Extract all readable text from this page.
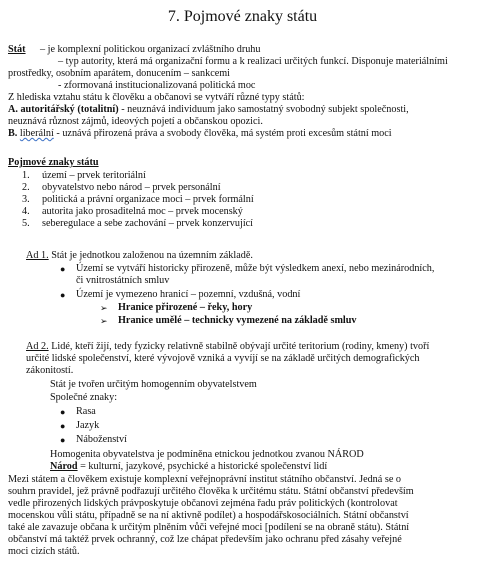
7. Pojmové znaky státu
Stát – je komplexní politickou organizací zvláštního druhu
– typ autority, která má organizační formu a k realizaci určitých funkcí. Disponuje materiálními
prostředky, osobním aparátem, donucením – sankcemi
- zformovaná institucionalizovaná politická moc
Z hlediska vztahu státu k člověku a občanovi se vytváří různé typy států:
A. autoritářský (totalitní) - neuznává individuum jako samostatný svobodný subjekt společnosti,
neuznává různost zájmů, ideových pojetí a občanskou opozici.
B. liberální - uznává přirozená práva a svobody člověka, má systém proti excesům státní moci
Pojmové znaky státu
1. území – prvek teritoriální
2. obyvatelstvo nebo národ – prvek personální
3. politická a právní organizace moci – prvek formální
4. autorita jako prosaditelná moc – prvek mocenský
5. seberegulace a sebe zachování – prvek konzervující
Ad 1. Stát je jednotkou založenou na územním základě.
● Území se vytváří historicky přirozeně, může být výsledkem anexí, nebo mezinárodních,
či vnitrostátních smluv
● Území je vymezeno hranicí – pozemní, vzdušná, vodní
➢ Hranice přirozené – řeky, hory
➢ Hranice umělé – technicky vymezené na základě smluv
Ad 2. Lidé, kteří žijí, tedy fyzicky relativně stabilně obývají určité teritorium (rodiny, kmeny) tvoří
určité lidské společenství, které vývojově vzniká a vyvíjí se na základě určitých demografických
zákonitostí.
Stát je tvořen určitým homogenním obyvatelstvem
Společné znaky:
● Rasa
● Jazyk
● Náboženství
Homogenita obyvatelstva je podmíněna etnickou jednotkou zvanou NÁROD
Národ = kulturní, jazykové, psychické a historické společenství lidí
Mezi státem a člověkem existuje komplexní veřejnoprávní institut státního občanství. Jedná se o
souhrn pravidel, jež právně podřazují určitého člověka k určitému státu. Státní občanství především
vedle přirozených lidských právposkytuje občanovi zejména řadu práv politických (kontrolovat
mocenskou vůli státu, případně se na ní aktivně podílet) a hospodářskosociálních. Státní občanství
také ale zavazuje občana k určitým plněním vůči veřejné moci [podílení se na obraně státu). Státní
občanství má taktéž prvek ochranný, což lze chápat především jako ochranu před zásahy veřejné
moci cizích států.
